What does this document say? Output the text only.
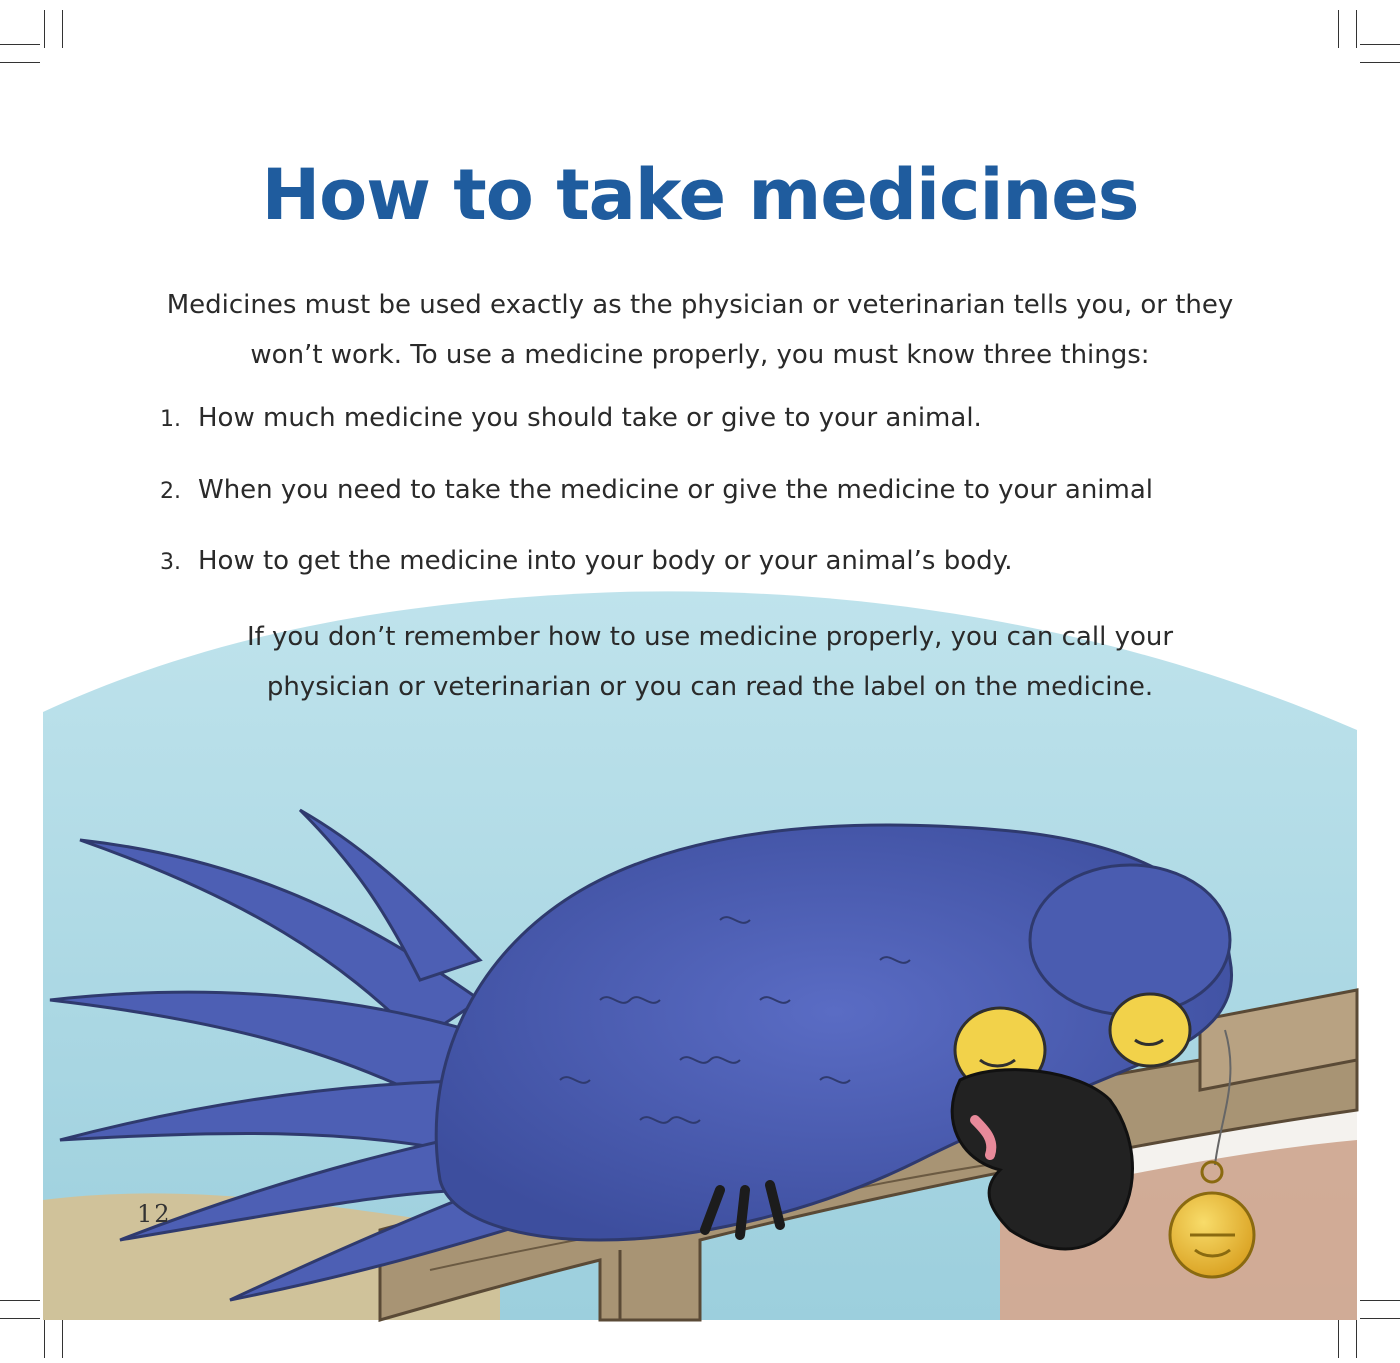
How to take medicines
Medicines must be used exactly as the physician or veterinarian tells you, or they won’t work. To use a medicine properly, you must know three things:
1. How much medicine you should take or give to your animal.
2. When you need to take the medicine or give the medicine to your animal
3. How to get the medicine into your body or your animal’s body.
If you don’t remember how to use medicine properly, you can call your physician or veterinarian or you can read the label on the medicine.
12
